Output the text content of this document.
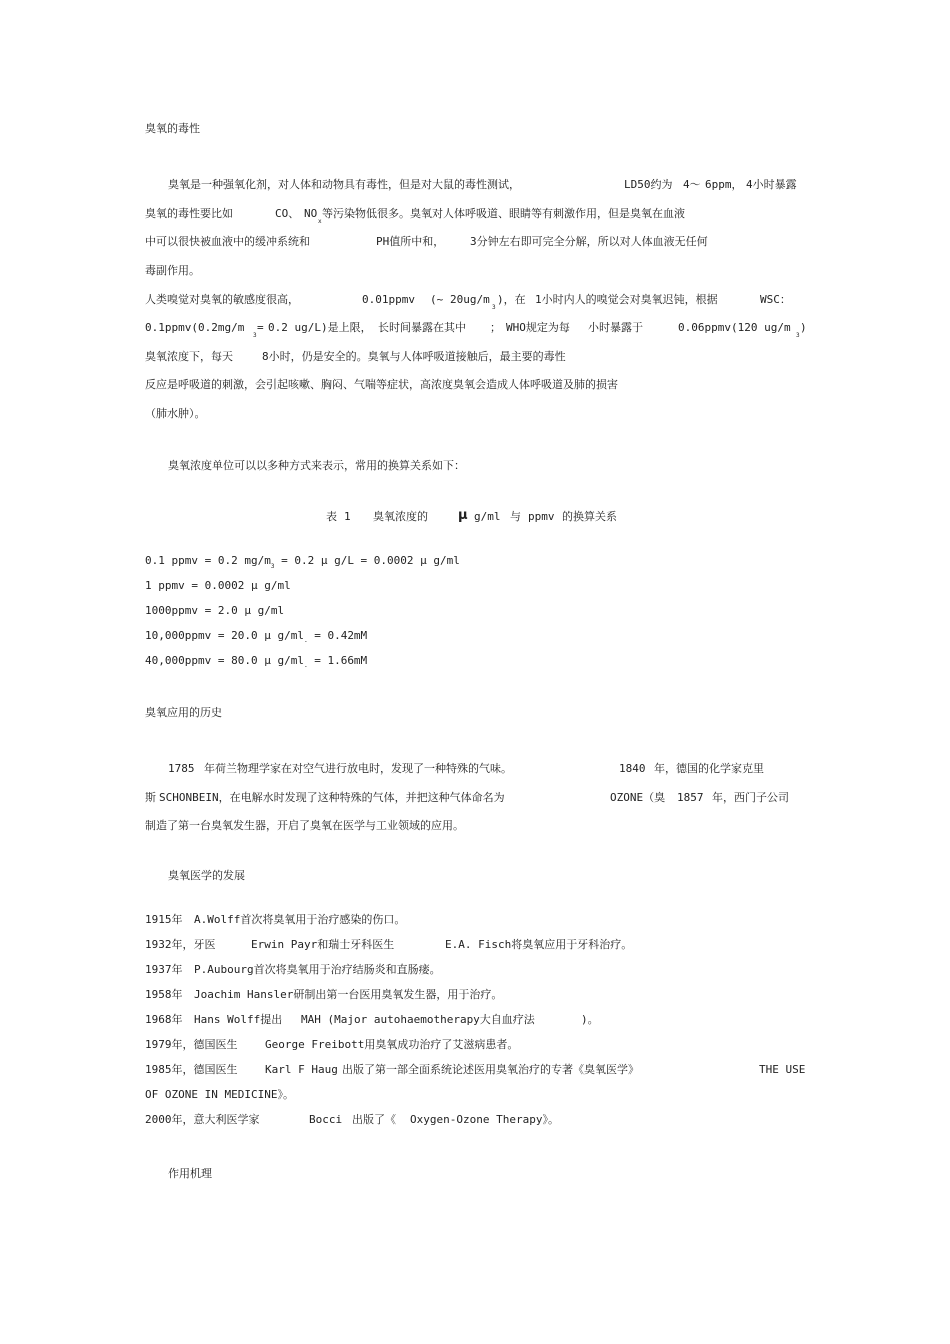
臭氧的毒性
臭氧是一种强氧化剂，对人体和动物具有毒性，但是对大鼠的毒性测试，	LD50约为 4～ 6ppm， 4小时暴露
臭氧的毒性要比如	CO、 NO
x
等污染物低很多。臭氧对人体呼吸道、眼睛等有刺激作用，但是臭氧在血液
中可以很快被血液中的缓冲系统和	PH值所中和， 3分钟左右即可完全分解，所以对人体血液无任何
毒副作用。
人类嗅觉对臭氧的敏感度很高，	0.01ppmv (~ 20ug/m
3
)，在 1小时内人的嗅觉会对臭氧迟钝，根据	WSC：
0.1ppmv(0.2mg/m
3
= 0.2 ug/L)是上限， 长时间暴露在其中 ； WHO规定为每 小时暴露于	0.06ppmv(120 ug/m
3
)
臭氧浓度下，每天	8小时，仍是安全的。臭氧与人体呼吸道接触后，最主要的毒性
反应是呼吸道的刺激，会引起咳嗽、胸闷、气喘等症状，高浓度臭氧会造成人体呼吸道及肺的损害
（肺水肿）。
臭氧浓度单位可以以多种方式来表示，常用的换算关系如下：
表 1 臭氧浓度的 μ g/ml 与 ppmv 的换算关系
0.1 ppmv = 0.2 $mg/m_3 = 0.2$ μ g/L = 0.0002 μ g/ml
1 ppmv = 0.0002 μ g/ml
1000ppmv = 2.0 μ g/ml
10,000ppmv = 20.0 μ $g/ml_- = 0.42mM$
40,000ppmv = 80.0 μ $g/ml_- = 1.66mM$
臭氧应用的历史
1785 年荷兰物理学家在对空气进行放电时，发现了一种特殊的气味。	1840 年，德国的化学家克里
斯 SCHONBEIN，在电解水时发现了这种特殊的气体，并把这种气体命名为	OZONE（臭 1857 年，西门子公司
制造了第一台臭氧发生器，开启了臭氧在医学与工业领域的应用。
臭氧医学的发展
1915年 A.Wolff首次将臭氧用于治疗感染的伤口。
1932年，牙医	Erwin Payr和瑞士牙科医生	E.A. Fisch将臭氧应用于牙科治疗。
1937年 P.Aubourg首次将臭氧用于治疗结肠炎和直肠瘘。
1958年 Joachim Hansler研制出第一台医用臭氧发生器，用于治疗。
1968年 Hans Wolff提出 MAH (Major autohaemotherapy大自血疗法	)。
1979年，德国医生	George Freibott用臭氧成功治疗了艾滋病患者。
1985年，德国医生	Karl F Haug 出版了第一部全面系统论述医用臭氧治疗的专著《臭氧医学》	THE USE
OF OZONE IN MEDICINE》。
2000年，意大利医学家	Bocci 出版了《 Oxygen-Ozone Therapy》。
作用机理
